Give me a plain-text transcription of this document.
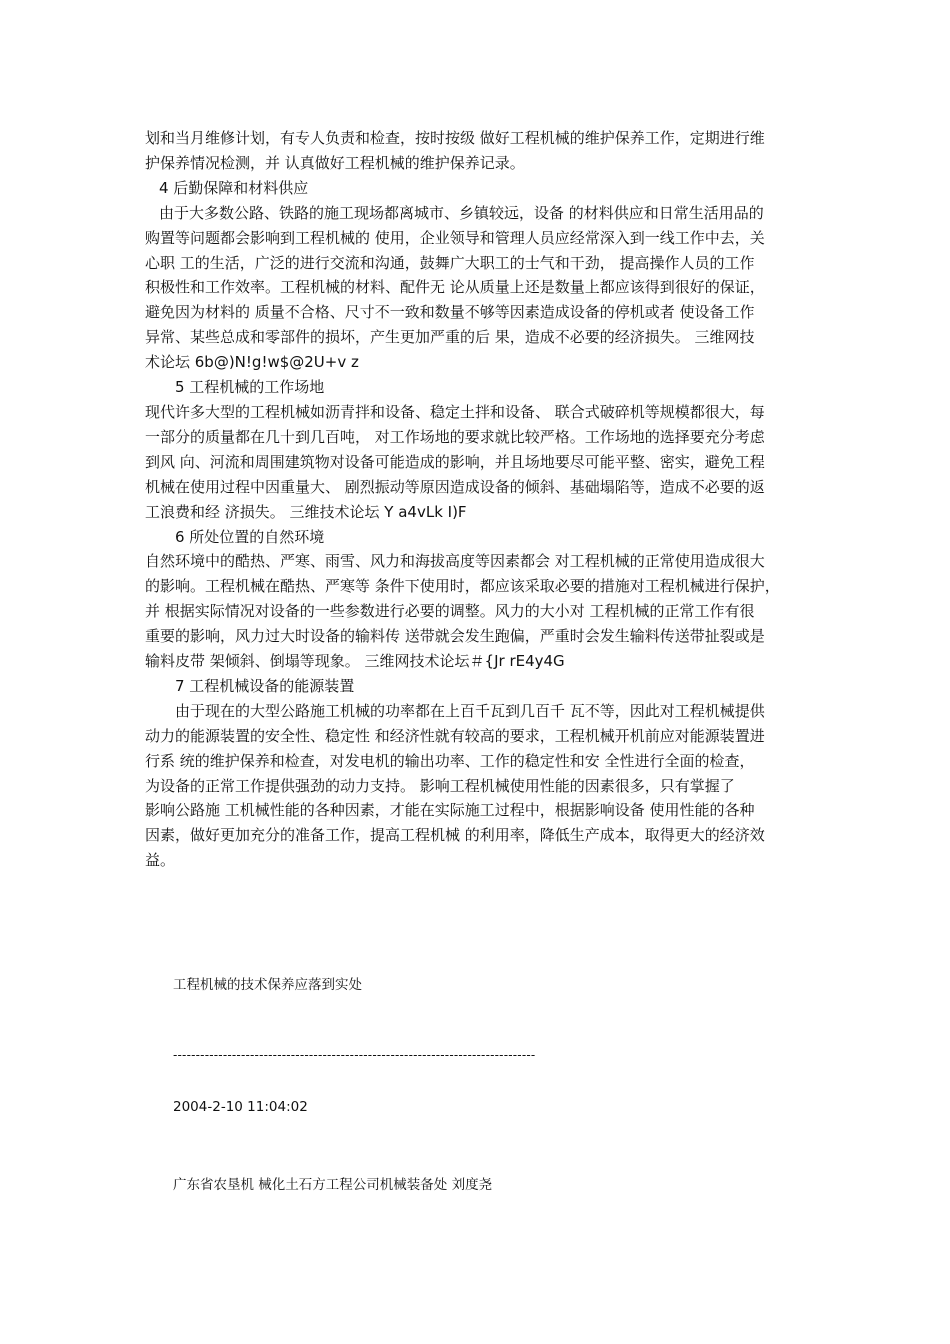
划和当月维修计划，有专人负责和检查，按时按级 做好工程机械的维护保养工作，定期进行维
护保养情况检测，并 认真做好工程机械的维护保养记录。
4 后勤保障和材料供应
由于大多数公路、铁路的施工现场都离城市、乡镇较远，设备 的材料供应和日常生活用品的
购置等问题都会影响到工程机械的 使用，企业领导和管理人员应经常深入到一线工作中去，关
心职 工的生活，广泛的进行交流和沟通，鼓舞广大职工的士气和干劲， 提高操作人员的工作
积极性和工作效率。工程机械的材料、配件无 论从质量上还是数量上都应该得到很好的保证，
避免因为材料的 质量不合格、尺寸不一致和数量不够等因素造成设备的停机或者 使设备工作
异常、某些总成和零部件的损坏，产生更加严重的后 果，造成不必要的经济损失。 三维网技
术论坛 6b@)N!g!w$@2U+v z
5 工程机械的工作场地
现代许多大型的工程机械如沥青拌和设备、稳定土拌和设备、 联合式破碎机等规模都很大，每
一部分的质量都在几十到几百吨， 对工作场地的要求就比较严格。工作场地的选择要充分考虑
到风 向、河流和周围建筑物对设备可能造成的影响，并且场地要尽可能平整、密实，避免工程
机械在使用过程中因重量大、 剧烈振动等原因造成设备的倾斜、基础塌陷等，造成不必要的返
工浪费和经 济损失。 三维技术论坛 Y a4vLk I)F
6 所处位置的自然环境
自然环境中的酷热、严寒、雨雪、风力和海拔高度等因素都会 对工程机械的正常使用造成很大
的影响。工程机械在酷热、严寒等 条件下使用时，都应该采取必要的措施对工程机械进行保护，
并 根据实际情况对设备的一些参数进行必要的调整。风力的大小对 工程机械的正常工作有很
重要的影响，风力过大时设备的输料传 送带就会发生跑偏，严重时会发生输料传送带扯裂或是
输料皮带 架倾斜、倒塌等现象。 三维网技术论坛＃{Jr rE4y4G
7 工程机械设备的能源装置
由于现在的大型公路施工机械的功率都在上百千瓦到几百千 瓦不等，因此对工程机械提供
动力的能源装置的安全性、稳定性 和经济性就有较高的要求，工程机械开机前应对能源装置进
行系 统的维护保养和检查，对发电机的输出功率、工作的稳定性和安 全性进行全面的检查，
为设备的正常工作提供强劲的动力支持。 影响工程机械使用性能的因素很多，只有掌握了
影响公路施 工机械性能的各种因素，才能在实际施工过程中，根据影响设备 使用性能的各种
因素，做好更加充分的准备工作，提高工程机械 的利用率，降低生产成本，取得更大的经济效
益。
工程机械的技术保养应落到实处
--------------------------------------------------------------------------------
2004-2-10 11:04:02
广东省农垦机 械化土石方工程公司机械装备处 刘度尧
